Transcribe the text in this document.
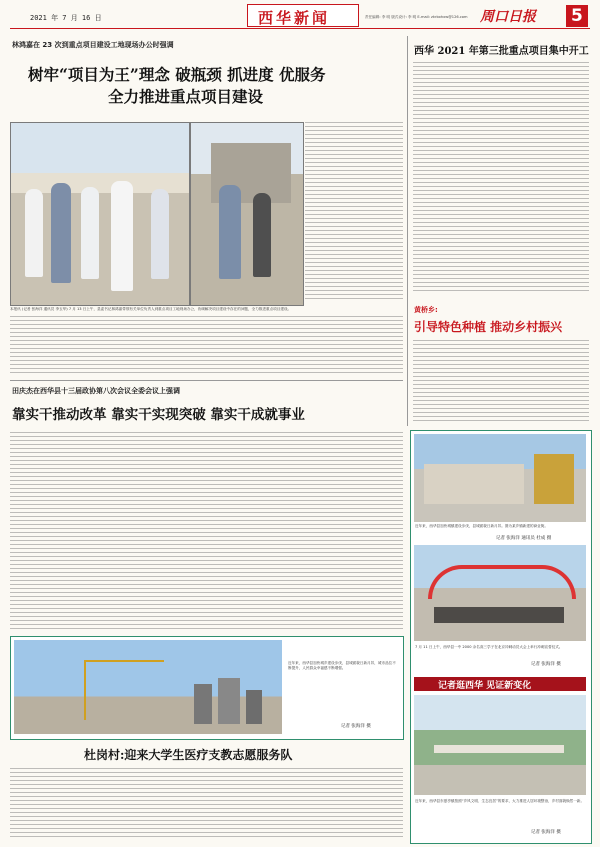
2021 年 7 月 16 日	责任编辑: 李 明 版式设计: 李 明 E-mail: zkrbxhxw@126.com
西华新闻	周口日报 5
林鸿嘉在 23 次到重点项目建设工地现场办公时强调
树牢“项目为王”理念 破瓶颈 抓进度 优服务
全力推进重点项目建设
本报讯 (记者 张海洋 通讯员 李玉华) 7 月 13 日上午，县委书记林鸿嘉带领有关单位负责人到重点项目工地现场办公，协调解决项目建设中存在的问题，全力推进重点项目建设。
西华 2021 年第三批重点项目集中开工
黄桥乡:
引导特色种植 推动乡村振兴
田庆杰在西华县十三届政协第八次会议全委会议上强调
靠实干推动改革 靠实干实现突破 靠实干成就事业
近年来，西华县加快城乡建设步伐，县城面貌日新月异，城市品位不断提升，人民群众幸福感不断增强。
记者 张海洋 摄
杜岗村:迎来大学生医疗支教志愿服务队
近年来，西华县加快城镇建设步伐，县城面貌日新月异。图为某乡镇新建的商业街。
记者 张海洋 通讯员 杜成 摄
7 月 11 日上午，西华县一中 2000 余名高三学子在北京冲刺动员大会上举行冲刺宣誓仪式。
记者 张海洋 摄
记者逛西华 见证新变化
近年来，西华县东夏亭镇按照“乡风文明、生态宜居”的要求，大力推进人居环境整治，乡村面貌焕然一新。
记者 张海洋 摄
